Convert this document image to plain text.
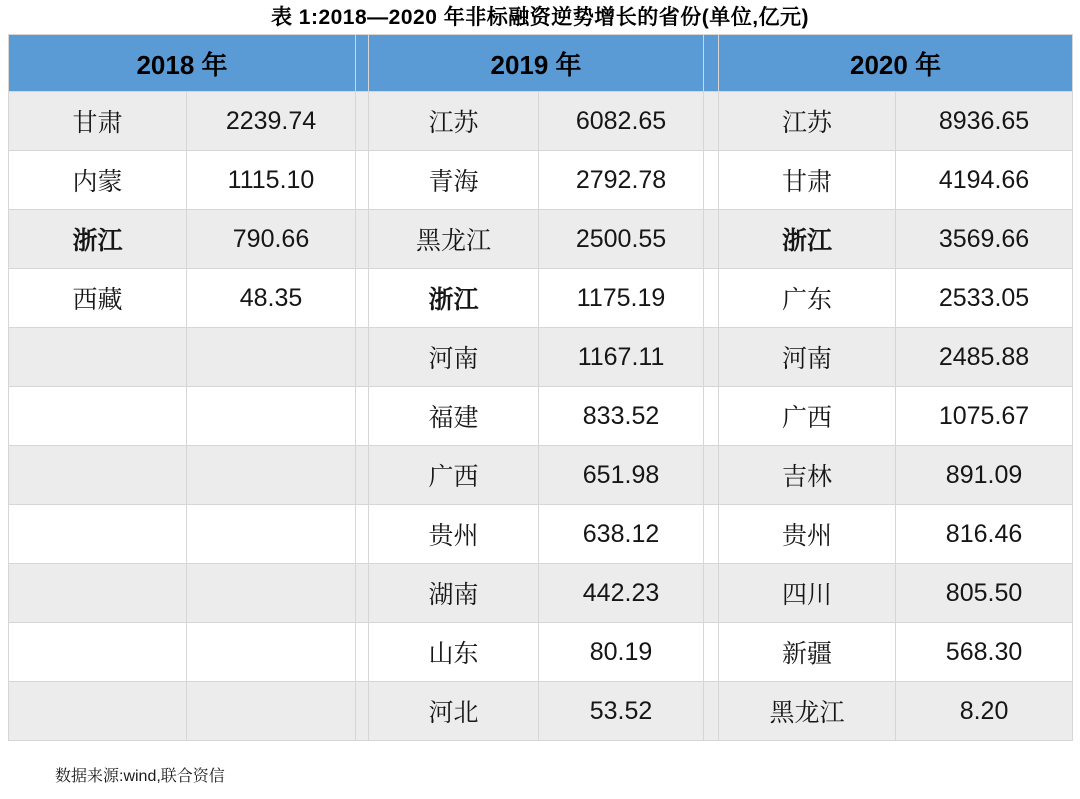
表 1:2018—2020 年非标融资逆势增长的省份(单位,亿元)
2018 年			2019 年			2020 年	
甘肃	2239.74		江苏	6082.65		江苏	8936.65
内蒙	1115.10		青海	2792.78		甘肃	4194.66
浙江	790.66		黑龙江	2500.55		浙江	3569.66
西藏	48.35		浙江	1175.19		广东	2533.05
			河南	1167.11		河南	2485.88
			福建	833.52		广西	1075.67
			广西	651.98		吉林	891.09
			贵州	638.12		贵州	816.46
			湖南	442.23		四川	805.50
			山东	80.19		新疆	568.30
			河北	53.52		黑龙江	8.20
数据来源:wind,联合资信
